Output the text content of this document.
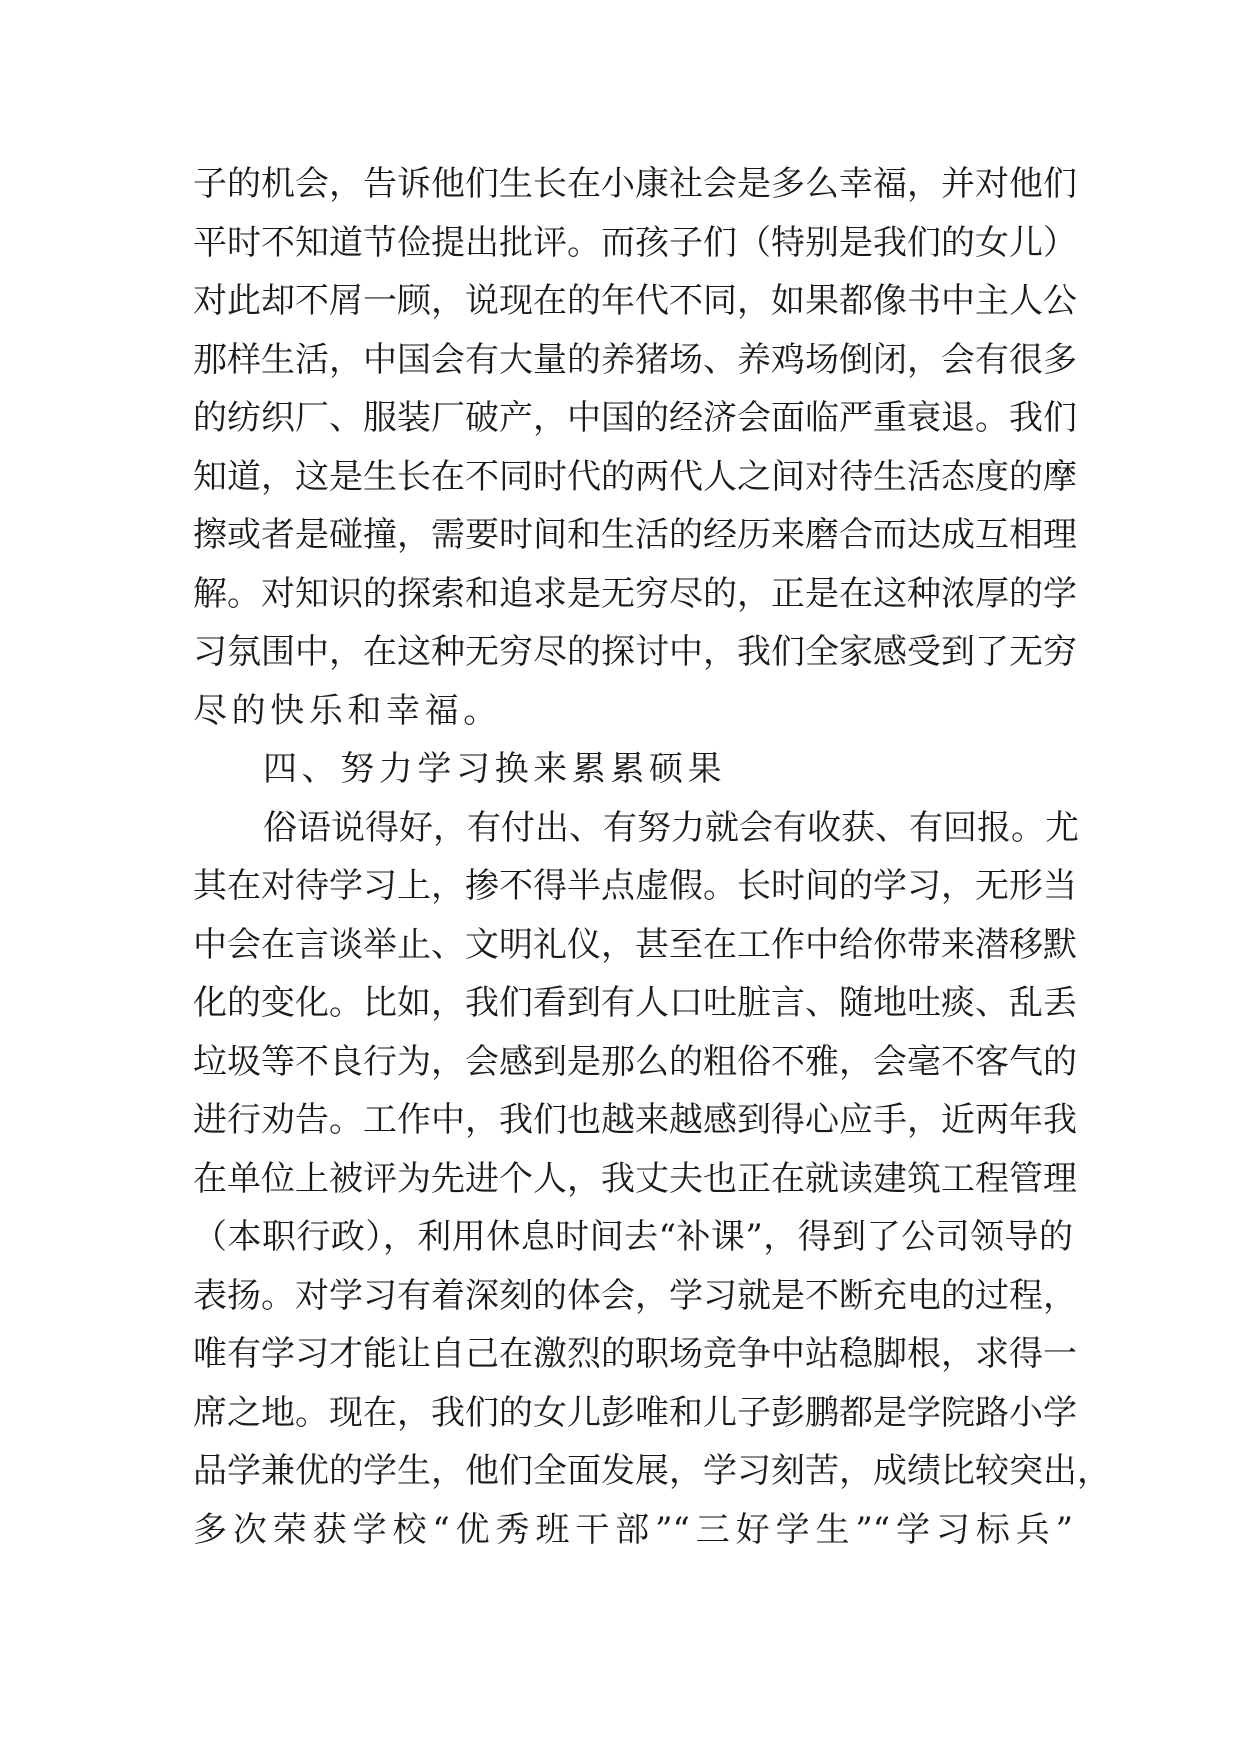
子的机会，告诉他们生长在小康社会是多么幸福，并对他们
平时不知道节俭提出批评。而孩子们（特别是我们的女儿）
对此却不屑一顾，说现在的年代不同，如果都像书中主人公
那样生活，中国会有大量的养猪场、养鸡场倒闭，会有很多
的纺织厂、服装厂破产，中国的经济会面临严重衰退。我们
知道，这是生长在不同时代的两代人之间对待生活态度的摩
擦或者是碰撞，需要时间和生活的经历来磨合而达成互相理
解。对知识的探索和追求是无穷尽的，正是在这种浓厚的学
习氛围中，在这种无穷尽的探讨中，我们全家感受到了无穷
尽的快乐和幸福。
四、努力学习换来累累硕果
俗语说得好，有付出、有努力就会有收获、有回报。尤
其在对待学习上，掺不得半点虚假。长时间的学习，无形当
中会在言谈举止、文明礼仪，甚至在工作中给你带来潜移默
化的变化。比如，我们看到有人口吐脏言、随地吐痰、乱丢
垃圾等不良行为，会感到是那么的粗俗不雅，会毫不客气的
进行劝告。工作中，我们也越来越感到得心应手，近两年我
在单位上被评为先进个人，我丈夫也正在就读建筑工程管理
（本职行政），利用休息时间去“补课”，得到了公司领导的
表扬。对学习有着深刻的体会，学习就是不断充电的过程，
唯有学习才能让自己在激烈的职场竞争中站稳脚根，求得一
席之地。现在，我们的女儿彭唯和儿子彭鹏都是学院路小学
品学兼优的学生，他们全面发展，学习刻苦，成绩比较突出，
多次荣获学校“优秀班干部”“三好学生”“学习标兵”
